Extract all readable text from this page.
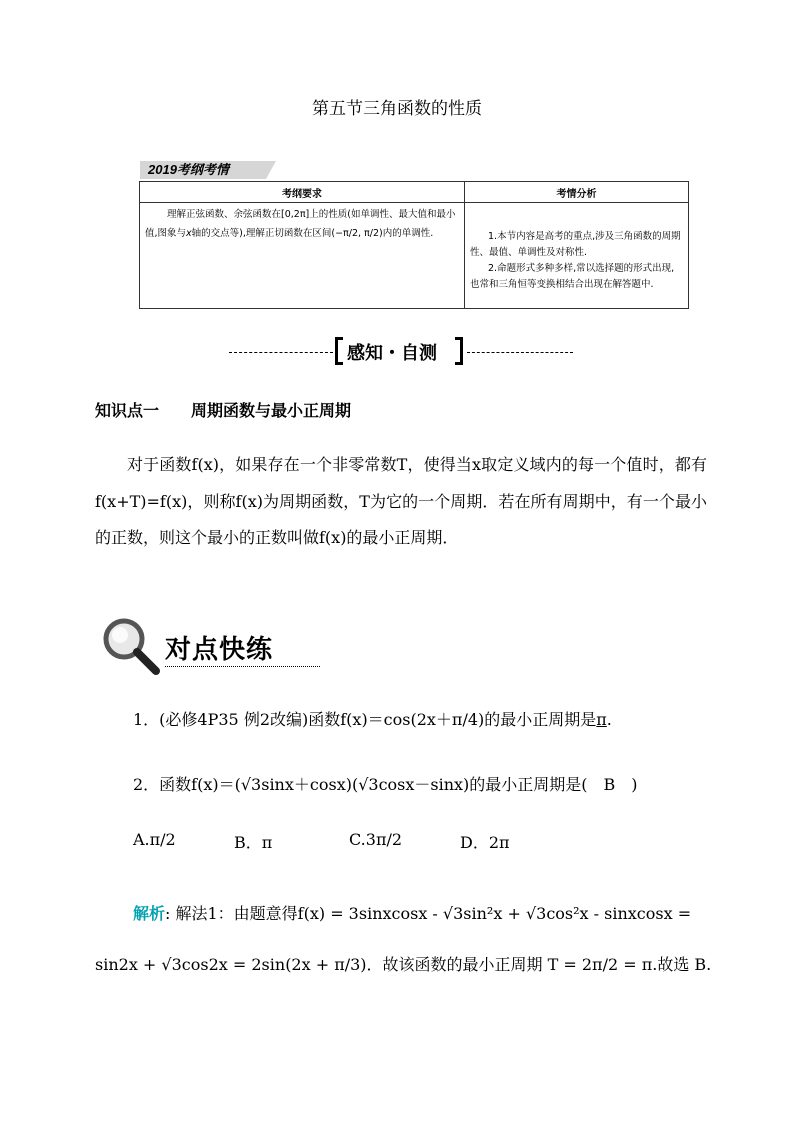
第五节三角函数的性质
2019考纲考情
考纲要求	考情分析
理解正弦函数、余弦函数在[0,2π]上的性质(如单调性、最大值和最小值,图象与x轴的交点等),理解正切函数在区间(−π/2, π/2)内的单调性.	1.本节内容是高考的重点,涉及三角函数的周期性、最值、单调性及对称性.
2.命题形式多种多样,常以选择题的形式出现,也常和三角恒等变换相结合出现在解答题中.
感知・自测
知识点一　　周期函数与最小正周期
对于函数f(x)，如果存在一个非零常数T，使得当x取定义域内的每一个值时，都有f(x+T)=f(x)，则称f(x)为周期函数，T为它的一个周期．若在所有周期中，有一个最小的正数，则这个最小的正数叫做f(x)的最小正周期．
对点快练
1．(必修4P35 例2改编)函数f(x)＝cos(2x＋π/4)的最小正周期是π.
2．函数f(x)＝(√3sinx＋cosx)(√3cosx－sinx)的最小正周期是(　B　)
A.π/2	B．π	C.3π/2	D．2π
解析: 解法1：由题意得f(x) = 3sinxcosx - √3sin²x + √3cos²x - sinxcosx =
sin2x + √3cos2x = 2sin(2x + π/3)．故该函数的最小正周期 T = 2π/2 = π.故选 B.
